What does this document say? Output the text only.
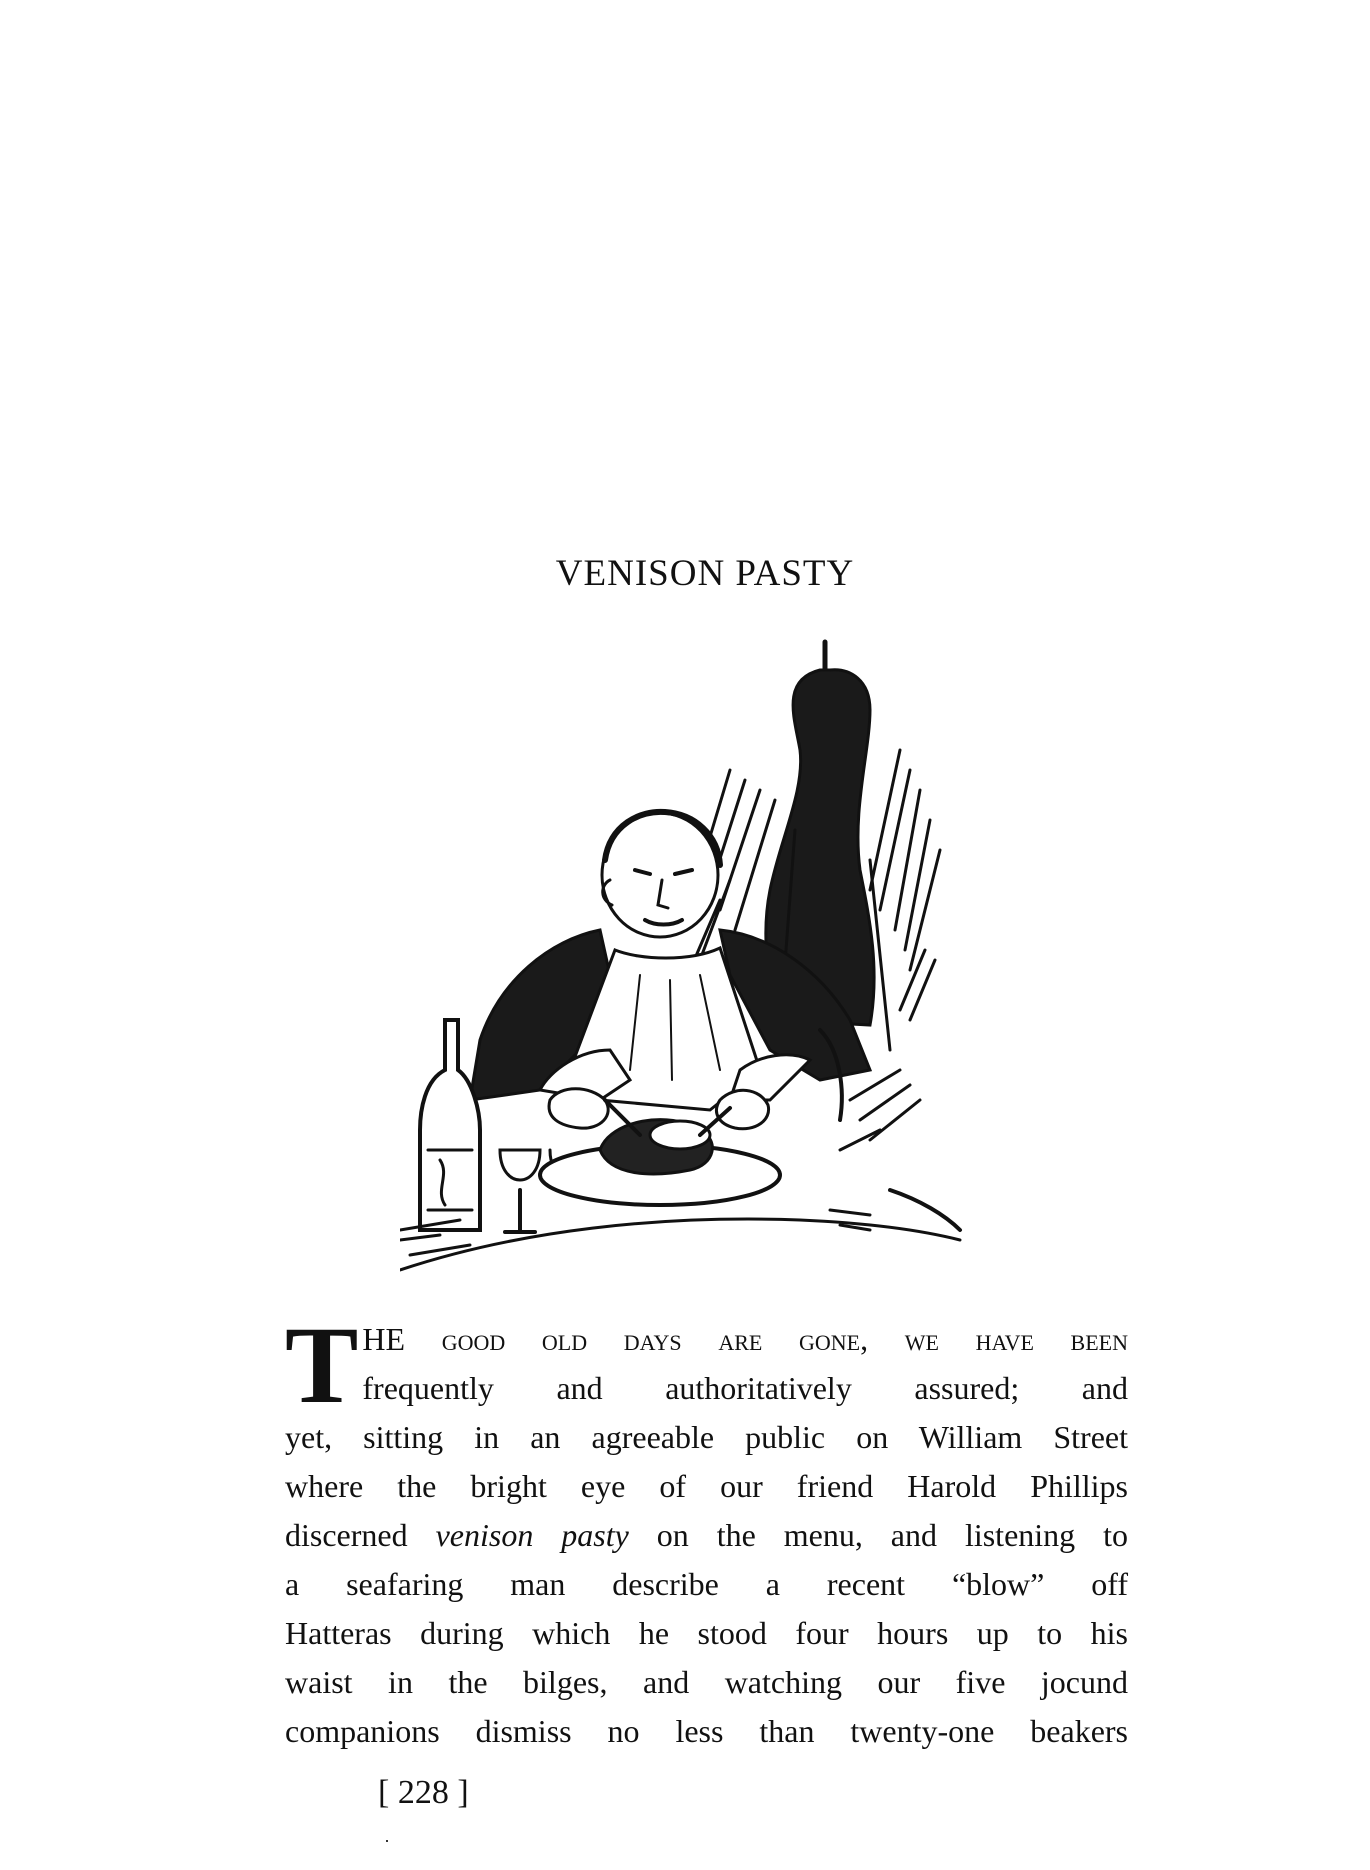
VENISON PASTY
T HE good old days are gone, we have been
frequently and authoritatively assured; and
yet, sitting in an agreeable public on William Street
where the bright eye of our friend Harold Phillips
discerned venison pasty on the menu, and listening to
a seafaring man describe a recent “blow” off
Hatteras during which he stood four hours up to his
waist in the bilges, and watching our five jocund
companions dismiss no less than twenty-one beakers
[ 228 ]
